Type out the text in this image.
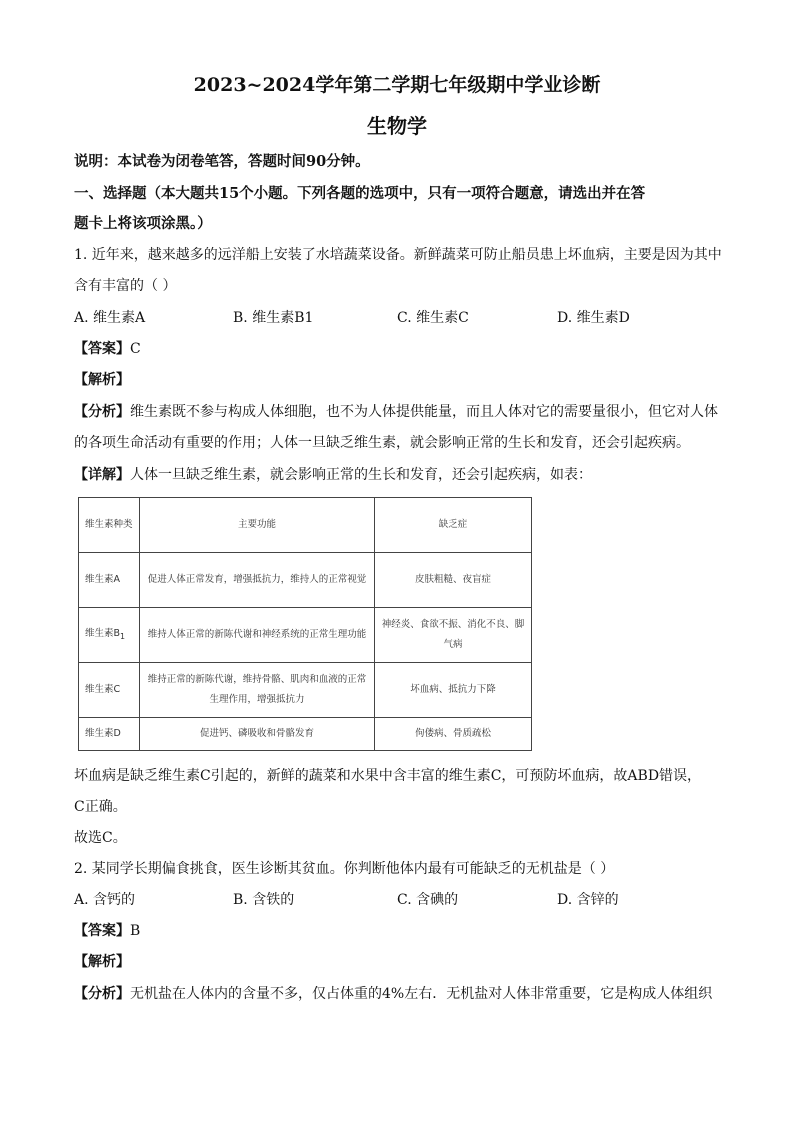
2023~2024学年第二学期七年级期中学业诊断
生物学
说明：本试卷为闭卷笔答，答题时间90分钟。
一、选择题（本大题共15个小题。下列各题的选项中，只有一项符合题意，请选出并在答
题卡上将该项涂黑。）
1. 近年来，越来越多的远洋船上安装了水培蔬菜设备。新鲜蔬菜可防止船员患上坏血病，主要是因为其中
含有丰富的（ ）
A. 维生素A	B. 维生素B1	C. 维生素C	D. 维生素D
【答案】C
【解析】
【分析】维生素既不参与构成人体细胞，也不为人体提供能量，而且人体对它的需要量很小，但它对人体
的各项生命活动有重要的作用；人体一旦缺乏维生素，就会影响正常的生长和发育，还会引起疾病。
【详解】人体一旦缺乏维生素，就会影响正常的生长和发育，还会引起疾病，如表：
维生素种类	主要功能	缺乏症
维生素A	促进人体正常发育，增强抵抗力，维持人的正常视觉	皮肤粗糙、夜盲症
维生素$B_1$	维持人体正常的新陈代谢和神经系统的正常生理功能	神经炎、食欲不振、消化不良、脚气病
维生素C	维持正常的新陈代谢，维持骨骼、肌肉和血液的正常生理作用，增强抵抗力	坏血病、抵抗力下降
维生素D	促进钙、磷吸收和骨骼发育	佝偻病、骨质疏松
坏血病是缺乏维生素C引起的，新鲜的蔬菜和水果中含丰富的维生素C，可预防坏血病，故ABD错误，
C正确。
故选C。
2. 某同学长期偏食挑食，医生诊断其贫血。你判断他体内最有可能缺乏的无机盐是（ ）
A. 含钙的	B. 含铁的	C. 含碘的	D. 含锌的
【答案】B
【解析】
【分析】无机盐在人体内的含量不多，仅占体重的4%左右．无机盐对人体非常重要，它是构成人体组织
